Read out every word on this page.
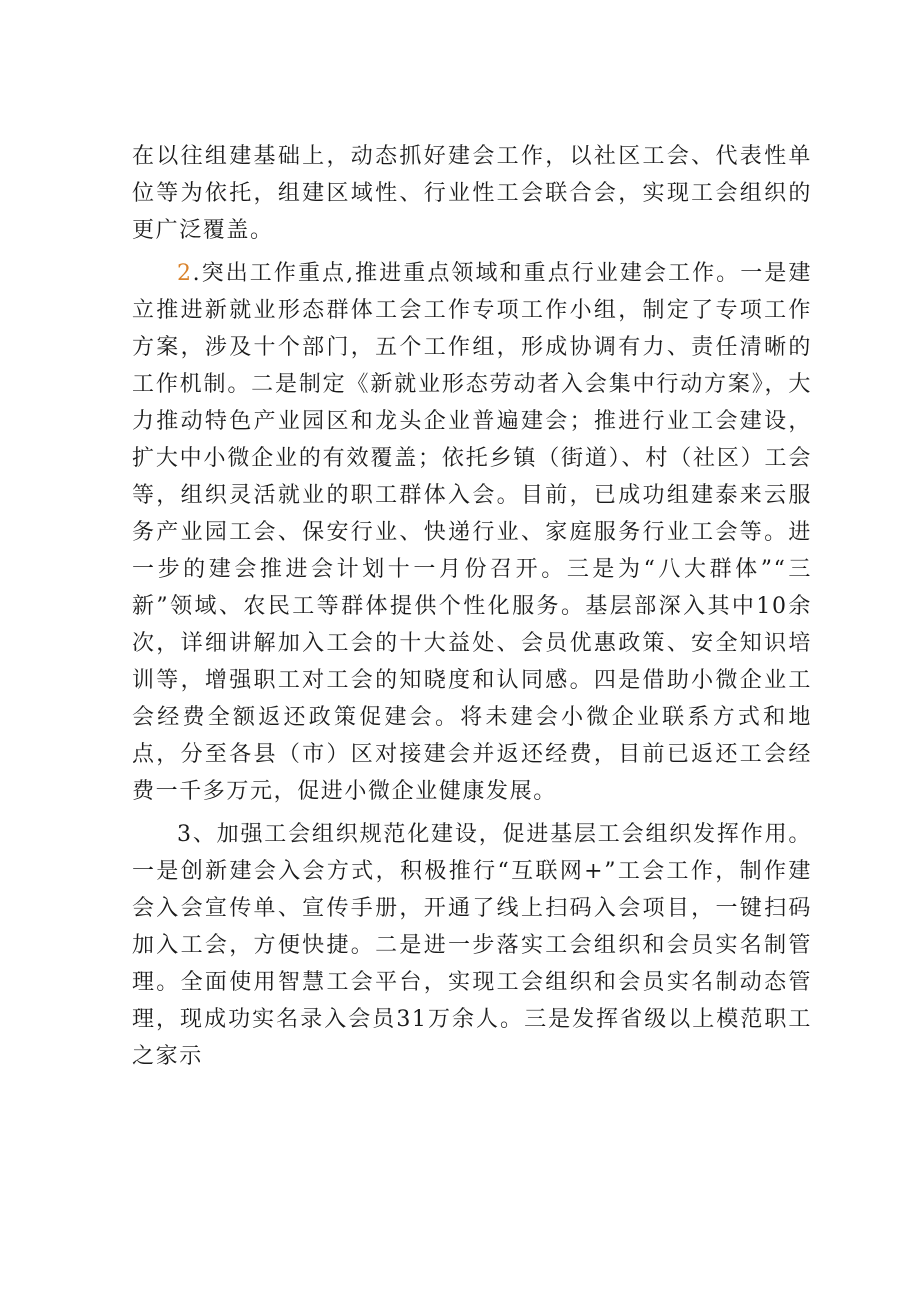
在以往组建基础上，动态抓好建会工作，以社区工会、代表性单位等为依托，组建区域性、行业性工会联合会，实现工会组织的更广泛覆盖。

2.突出工作重点,推进重点领域和重点行业建会工作。一是建立推进新就业形态群体工会工作专项工作小组，制定了专项工作方案，涉及十个部门，五个工作组，形成协调有力、责任清晰的工作机制。二是制定《新就业形态劳动者入会集中行动方案》，大力推动特色产业园区和龙头企业普遍建会；推进行业工会建设，扩大中小微企业的有效覆盖；依托乡镇（街道）、村（社区）工会等，组织灵活就业的职工群体入会。目前，已成功组建泰来云服务产业园工会、保安行业、快递行业、家庭服务行业工会等。进一步的建会推进会计划十一月份召开。三是为“八大群体”“三新”领域、农民工等群体提供个性化服务。基层部深入其中10余次，详细讲解加入工会的十大益处、会员优惠政策、安全知识培训等，增强职工对工会的知晓度和认同感。四是借助小微企业工会经费全额返还政策促建会。将未建会小微企业联系方式和地点，分至各县（市）区对接建会并返还经费，目前已返还工会经费一千多万元，促进小微企业健康发展。

3、加强工会组织规范化建设，促进基层工会组织发挥作用。一是创新建会入会方式，积极推行“互联网+”工会工作，制作建会入会宣传单、宣传手册，开通了线上扫码入会项目，一键扫码加入工会，方便快捷。二是进一步落实工会组织和会员实名制管理。全面使用智慧工会平台，实现工会组织和会员实名制动态管理，现成功实名录入会员31万余人。三是发挥省级以上模范职工之家示
